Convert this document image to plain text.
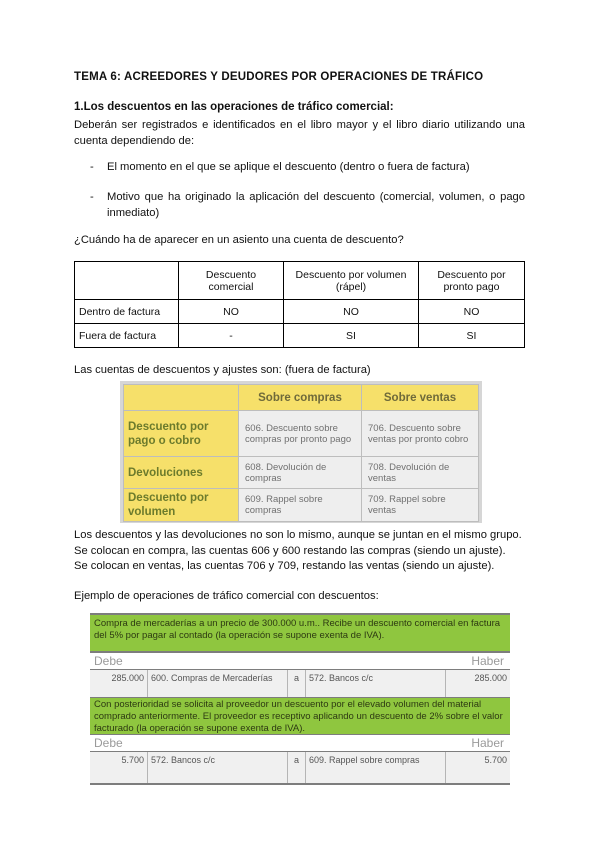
TEMA 6: ACREEDORES Y DEUDORES POR OPERACIONES DE TRÁFICO
1.Los descuentos en las operaciones de tráfico comercial:
Deberán ser registrados e identificados en el libro mayor y el libro diario utilizando una cuenta dependiendo de:
- El momento en el que se aplique el descuento (dentro o fuera de factura)
- Motivo que ha originado la aplicación del descuento (comercial, volumen, o pago inmediato)
¿Cuándo ha de aparecer en un asiento una cuenta de descuento?
	Descuento comercial	Descuento por volumen (rápel)	Descuento por pronto pago
Dentro de factura	NO	NO	NO
Fuera de factura	-	SI	SI
Las cuentas de descuentos y ajustes son: (fuera de factura)
	Sobre compras	Sobre ventas
Descuento por pago o cobro	606. Descuento sobre compras por pronto pago	706. Descuento sobre ventas por pronto cobro
Devoluciones	608. Devolución de compras	708. Devolución de ventas
Descuento por volumen	609. Rappel sobre compras	709. Rappel sobre ventas
Los descuentos y las devoluciones no son lo mismo, aunque se juntan en el mismo grupo.
Se colocan en compra, las cuentas 606 y 600 restando las compras (siendo un ajuste).
Se colocan en ventas, las cuentas 706 y 709, restando las ventas (siendo un ajuste).
Ejemplo de operaciones de tráfico comercial con descuentos:
Compra de mercaderías a un precio de 300.000 u.m.. Recibe un descuento comercial en factura del 5% por pagar al contado (la operación se supone exenta de IVA).
Debe	Haber
285.000 600. Compras de Mercaderías	a	572. Bancos c/c	285.000
Con posterioridad se solicita al proveedor un descuento por el elevado volumen del material comprado anteriormente. El proveedor es receptivo aplicando un descuento de 2% sobre el valor facturado (la operación se supone exenta de IVA).
Debe	Haber
5.700 572. Bancos c/c	a	609. Rappel sobre compras	5.700
